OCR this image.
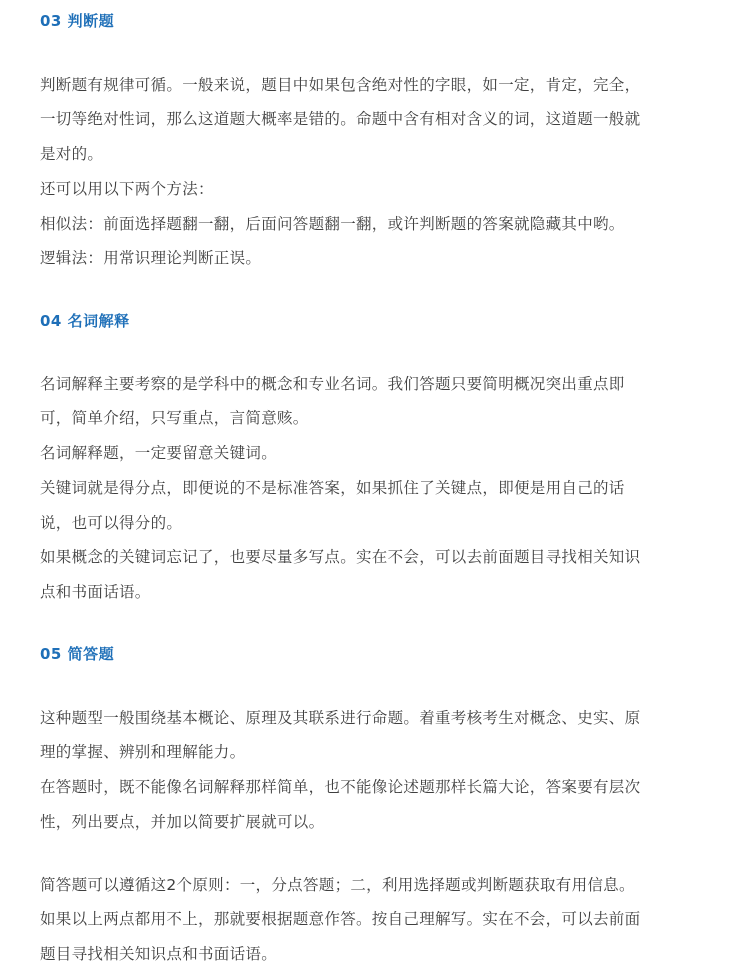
03 判断题
判断题有规律可循。一般来说，题目中如果包含绝对性的字眼，如一定，肯定，完全，
一切等绝对性词，那么这道题大概率是错的。命题中含有相对含义的词，这道题一般就
是对的。
还可以用以下两个方法：
相似法：前面选择题翻一翻，后面问答题翻一翻，或许判断题的答案就隐藏其中哟。
逻辑法：用常识理论判断正误。
04 名词解释
名词解释主要考察的是学科中的概念和专业名词。我们答题只要简明概况突出重点即
可，简单介绍，只写重点，言简意赅。
名词解释题，一定要留意关键词。
关键词就是得分点，即便说的不是标准答案，如果抓住了关键点，即便是用自己的话
说，也可以得分的。
如果概念的关键词忘记了，也要尽量多写点。实在不会，可以去前面题目寻找相关知识
点和书面话语。
05 简答题
这种题型一般围绕基本概论、原理及其联系进行命题。着重考核考生对概念、史实、原
理的掌握、辨别和理解能力。
在答题时，既不能像名词解释那样简单，也不能像论述题那样长篇大论，答案要有层次
性，列出要点，并加以简要扩展就可以。
简答题可以遵循这2个原则：一，分点答题；二，利用选择题或判断题获取有用信息。
如果以上两点都用不上，那就要根据题意作答。按自己理解写。实在不会，可以去前面
题目寻找相关知识点和书面话语。
